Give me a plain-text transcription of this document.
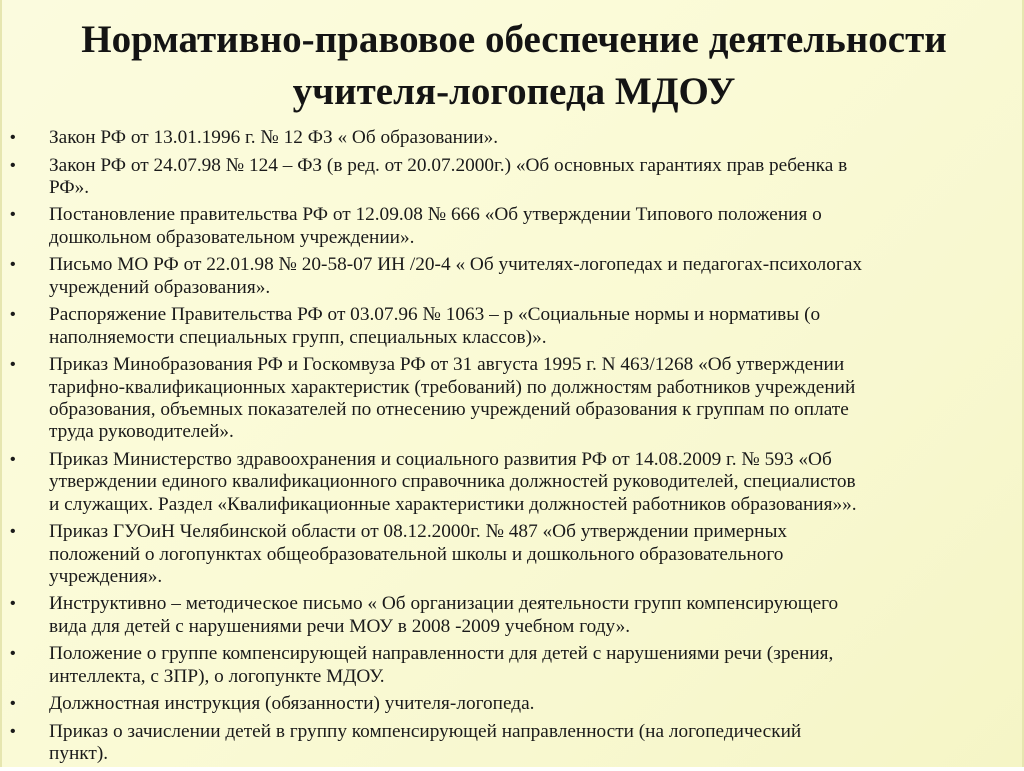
Нормативно-правовое обеспечение деятельности

учителя-логопеда МДОУ

• Закон РФ от 13.01.1996 г. № 12 ФЗ « Об образовании».
• Закон РФ от 24.07.98 № 124 – ФЗ (в ред. от 20.07.2000г.) «Об основных гарантиях прав ребенка в
РФ».
• Постановление правительства РФ от 12.09.08 № 666 «Об утверждении Типового положения о
дошкольном образовательном учреждении».
• Письмо МО РФ от 22.01.98 № 20-58-07 ИН /20-4 « Об учителях-логопедах и педагогах-психологах
учреждений образования».
• Распоряжение Правительства РФ от 03.07.96 № 1063 – р «Социальные нормы и нормативы (о
наполняемости специальных групп, специальных классов)».
• Приказ Минобразования РФ и Госкомвуза РФ от 31 августа 1995 г. N 463/1268 «Об утверждении
тарифно-квалификационных характеристик (требований) по должностям работников учреждений
образования, объемных показателей по отнесению учреждений образования к группам по оплате
труда руководителей».
• Приказ Министерство здравоохранения и социального развития РФ от 14.08.2009 г. № 593 «Об
утверждении единого квалификационного справочника должностей руководителей, специалистов
и служащих. Раздел «Квалификационные характеристики должностей работников образования»».
• Приказ ГУОиН Челябинской области от 08.12.2000г. № 487 «Об утверждении примерных
положений о логопунктах общеобразовательной школы и дошкольного образовательного
учреждения».
• Инструктивно – методическое письмо « Об организации деятельности групп компенсирующего
вида для детей с нарушениями речи МОУ в 2008 -2009 учебном году».
• Положение о группе компенсирующей направленности для детей с нарушениями речи (зрения,
интеллекта, с ЗПР), о логопункте МДОУ.
• Должностная инструкция (обязанности) учителя-логопеда.
• Приказ о зачислении детей в группу компенсирующей направленности (на логопедический
пункт).
